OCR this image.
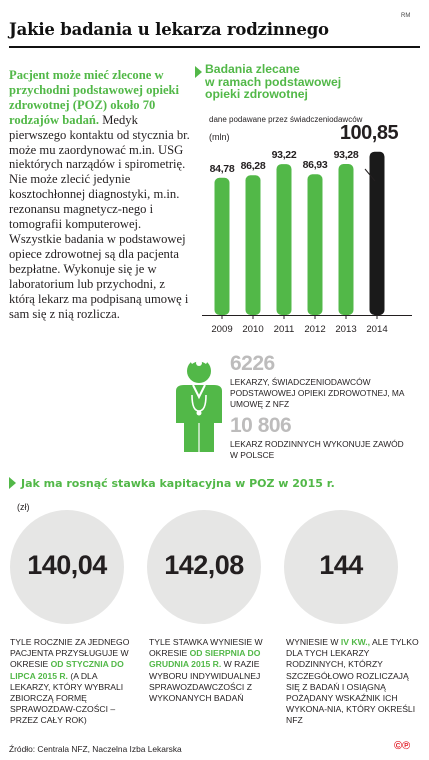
Jakie badania u lekarza rodzinnego
RM
Pacjent może mieć zlecone w przychodni podstawowej opieki zdrowotnej (POZ) około 70 rodzajów badań. Medyk pierwszego kontaktu od stycznia br. może mu zaordynować m.in. USG niektórych narządów i spirometrię. Nie może zlecić jedynie kosztochłonnej diagnostyki, m.in. rezonansu magnetycz-nego i tomografii komputerowej. Wszystkie badania w podstawowej opiece zdrowotnej są dla pacjenta bezpłatne. Wykonuje się je w laboratorium lub przychodni, z którą lekarz ma podpisaną umowę i sam się z nią rozlicza.
Badania zlecane
w ramach podstawowej
opieki zdrowotnej
dane podawane przez świadczeniodawców
(mln)
84,78
2009
86,28
2010
93,22
2011
86,93
2012
93,28
2013
100,85
2014
6226
LEKARZY, ŚWIADCZENIODAWCÓW PODSTAWOWEJ OPIEKI ZDROWOTNEJ, MA UMOWĘ Z NFZ
10 806
LEKARZ RODZINNYCH WYKONUJE ZAWÓD W POLSCE
Jak ma rosnąć stawka kapitacyjna w POZ w 2015 r.
(zł)
140,04	142,08	144
TYLE ROCZNIE ZA JEDNEGO PACJENTA PRZYSŁUGUJE W OKRESIE OD STYCZNIA DO LIPCA 2015 R. (A DLA LEKARZY, KTÓRY WYBRALI ZBIORCZĄ FORMĘ SPRAWOZDAW-CZOŚCI – PRZEZ CAŁY ROK)
TYLE STAWKA WYNIESIE W OKRESIE OD SIERPNIA DO GRUDNIA 2015 R. W RAZIE WYBORU INDYWIDUALNEJ SPRAWOZDAWCZOŚCI Z WYKONANYCH BADAŃ
WYNIESIE W IV KW., ALE TYLKO DLA TYCH LEKARZY RODZINNYCH, KTÓRZY SZCZEGÓŁOWO ROZLICZAJĄ SIĘ Z BADAŃ I OSIĄGNĄ POŻĄDANY WSKAŹNIK ICH WYKONA-NIA, KTÓRY OKREŚLI NFZ
Źródło: Centrala NFZ, Naczelna Izba Lekarska	©℗
